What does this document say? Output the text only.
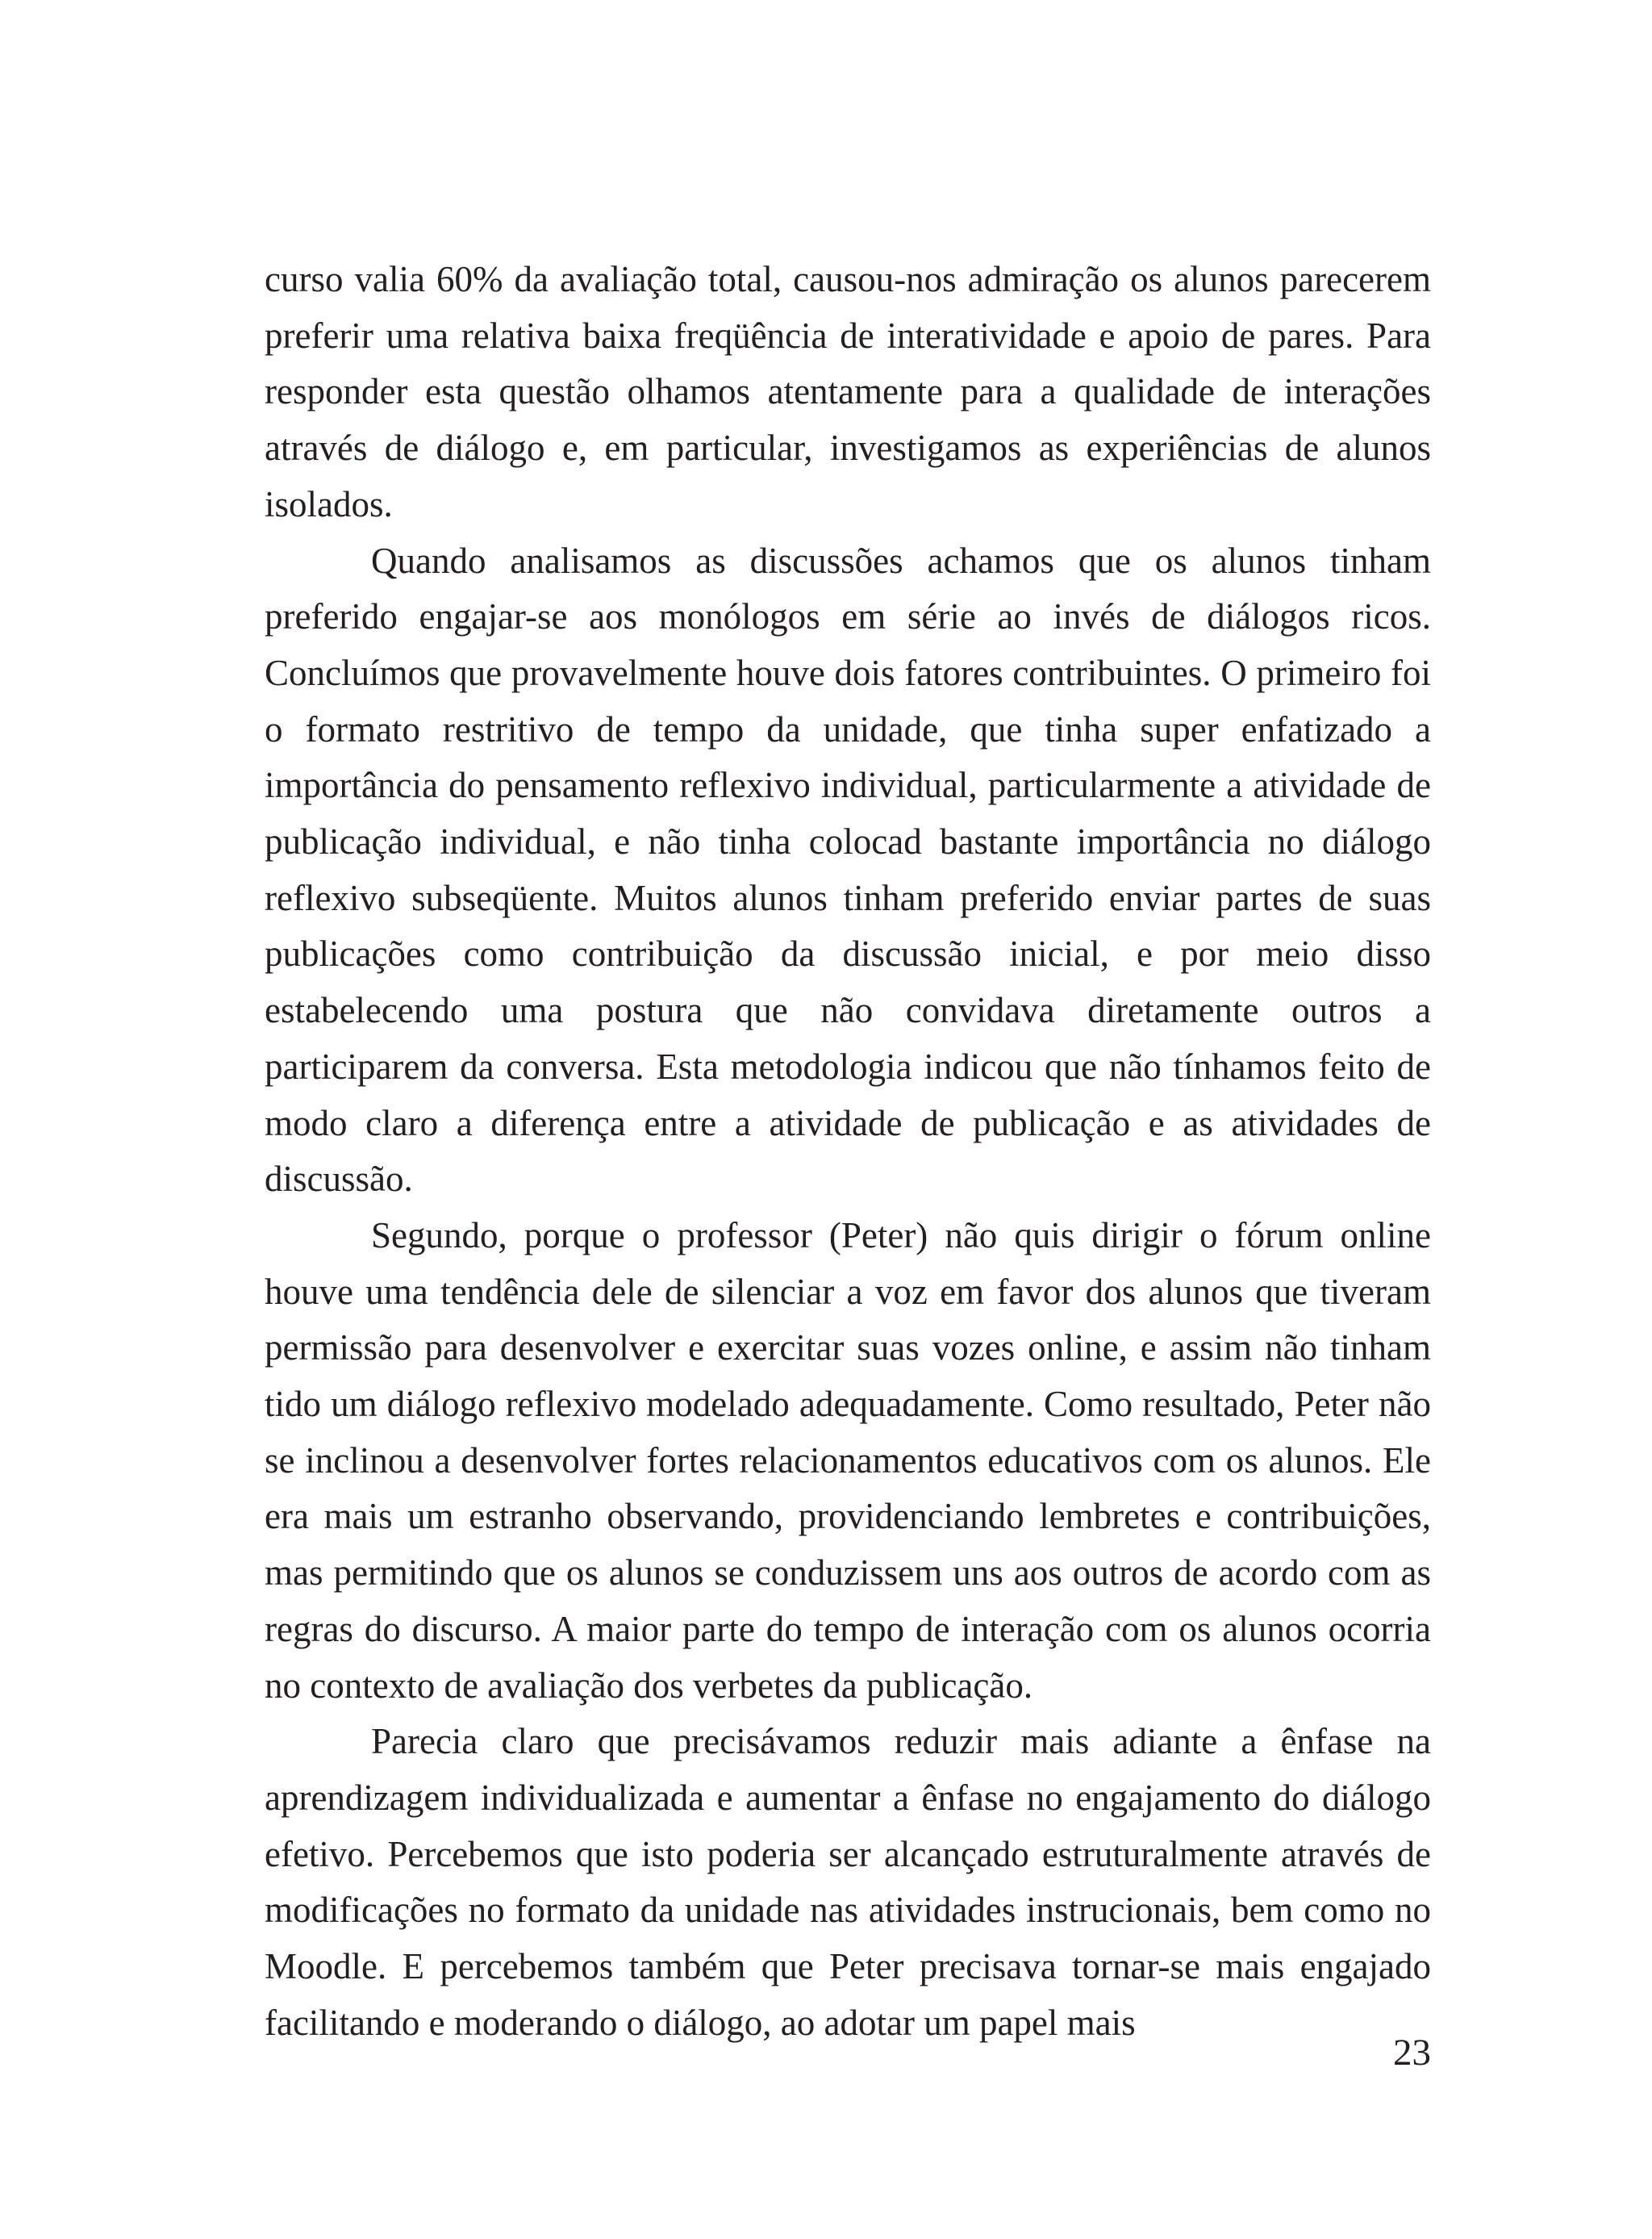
curso valia 60% da avaliação total, causou-nos admiração os alunos parecerem preferir uma relativa baixa freqüência de interatividade e apoio de pares. Para responder esta questão olhamos atentamente para a qualidade de interações através de diálogo e, em particular, investigamos as experiências de alunos isolados.

Quando analisamos as discussões achamos que os alunos tinham preferido engajar-se aos monólogos em série ao invés de diálogos ricos. Concluímos que provavelmente houve dois fatores contribuintes. O primeiro foi o formato restritivo de tempo da unidade, que tinha super enfatizado a importância do pensamento reflexivo individual, particularmente a atividade de publicação individual, e não tinha colocad bastante importância no diálogo reflexivo subseqüente. Muitos alunos tinham preferido enviar partes de suas publicações como contribuição da discussão inicial, e por meio disso estabelecendo uma postura que não convidava diretamente outros a participarem da conversa. Esta metodologia indicou que não tínhamos feito de modo claro a diferença entre a atividade de publicação e as atividades de discussão.

Segundo, porque o professor (Peter) não quis dirigir o fórum online houve uma tendência dele de silenciar a voz em favor dos alunos que tiveram permissão para desenvolver e exercitar suas vozes online, e assim não tinham tido um diálogo reflexivo modelado adequadamente. Como resultado, Peter não se inclinou a desenvolver fortes relacionamentos educativos com os alunos. Ele era mais um estranho observando, providenciando lembretes e contribuições, mas permitindo que os alunos se conduzissem uns aos outros de acordo com as regras do discurso. A maior parte do tempo de interação com os alunos ocorria no contexto de avaliação dos verbetes da publicação.

Parecia claro que precisávamos reduzir mais adiante a ênfase na aprendizagem individualizada e aumentar a ênfase no engajamento do diálogo efetivo. Percebemos que isto poderia ser alcançado estruturalmente através de modificações no formato da unidade nas atividades instrucionais, bem como no Moodle. E percebemos também que Peter precisava tornar-se mais engajado facilitando e moderando o diálogo, ao adotar um papel mais

23
